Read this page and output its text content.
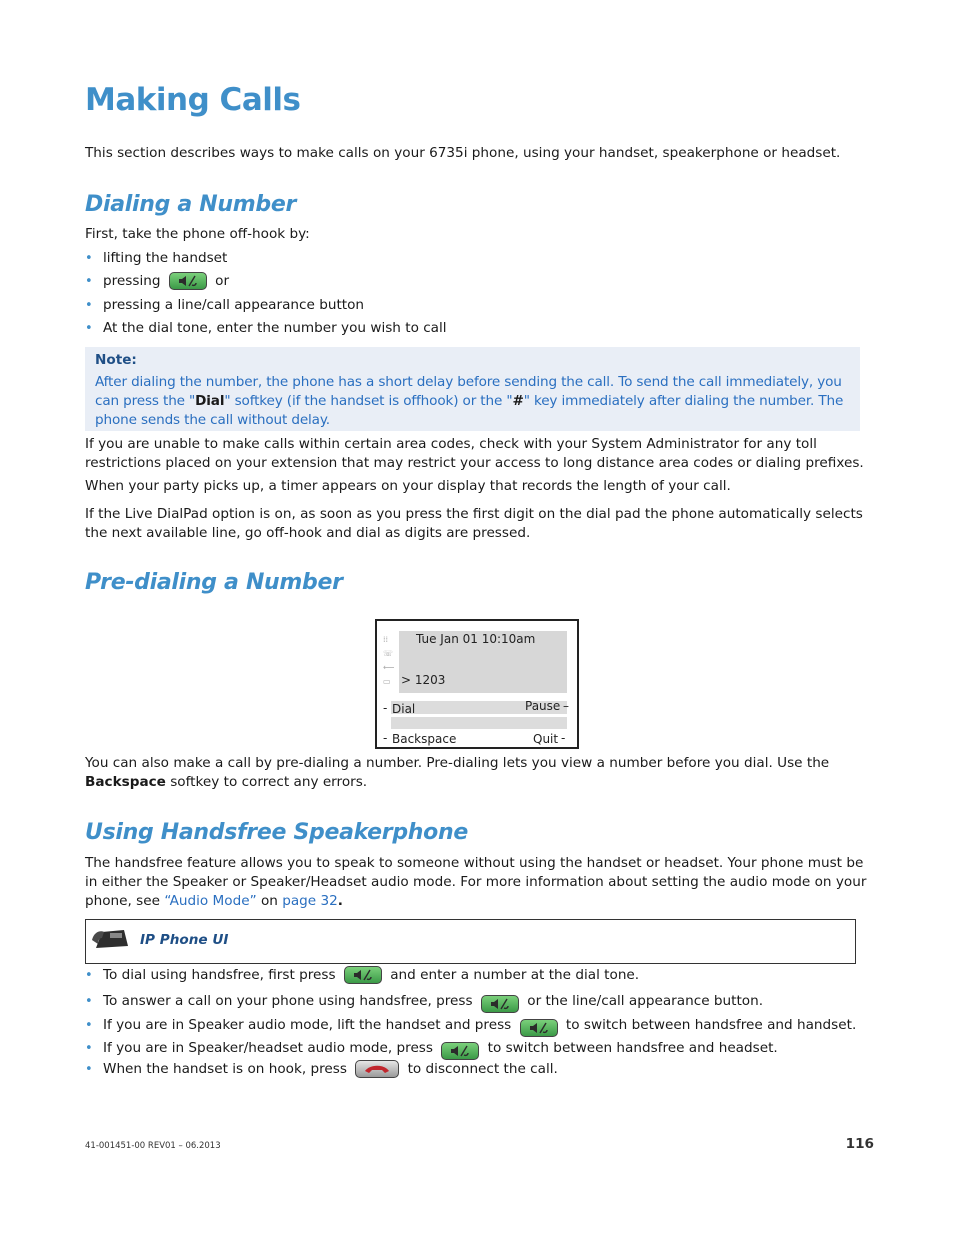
Making Calls

This section describes ways to make calls on your 6735i phone, using your handset, speakerphone or headset.

Dialing a Number

First, take the phone off-hook by:

• lifting the handset
• pressing	or
• pressing a line/call appearance button
• At the dial tone, enter the number you wish to call
Note:
After dialing the number, the phone has a short delay before sending the call. To send the call immediately, you can press the "Dial" softkey (if the handset is offhook) or the "#" key immediately after dialing the number. The phone sends the call without delay.

If you are unable to make calls within certain area codes, check with your System Administrator for any toll restrictions placed on your extension that may restrict your access to long distance area codes or dialing prefixes.

When your party picks up, a timer appears on your display that records the length of your call.

If the Live DialPad option is on, as soon as you press the first digit on the dial pad the phone automatically selects the next available line, go off-hook and dial as digits are pressed.

Pre-dialing a Number
⁞⁞
☏
⟵
▭
Tue Jan 01 10:10am
> 1203
- Dial	Pause –
- Backspace	Quit -

You can also make a call by pre-dialing a number. Pre-dialing lets you view a number before you dial. Use the Backspace softkey to correct any errors.

Using Handsfree Speakerphone

The handsfree feature allows you to speak to someone without using the handset or headset. Your phone must be in either the Speaker or Speaker/Headset audio mode. For more information about setting the audio mode on your phone, see “Audio Mode” on page 32.

IP Phone UI
• To dial using handsfree, first press	and enter a number at the dial tone.
• To answer a call on your phone using handsfree, press	or the line/call appearance button.
• If you are in Speaker audio mode, lift the handset and press	to switch between handsfree and handset.
• If you are in Speaker/headset audio mode, press	to switch between handsfree and headset.
• When the handset is on hook, press	to disconnect the call.
41-001451-00 REV01 – 06.2013	116
